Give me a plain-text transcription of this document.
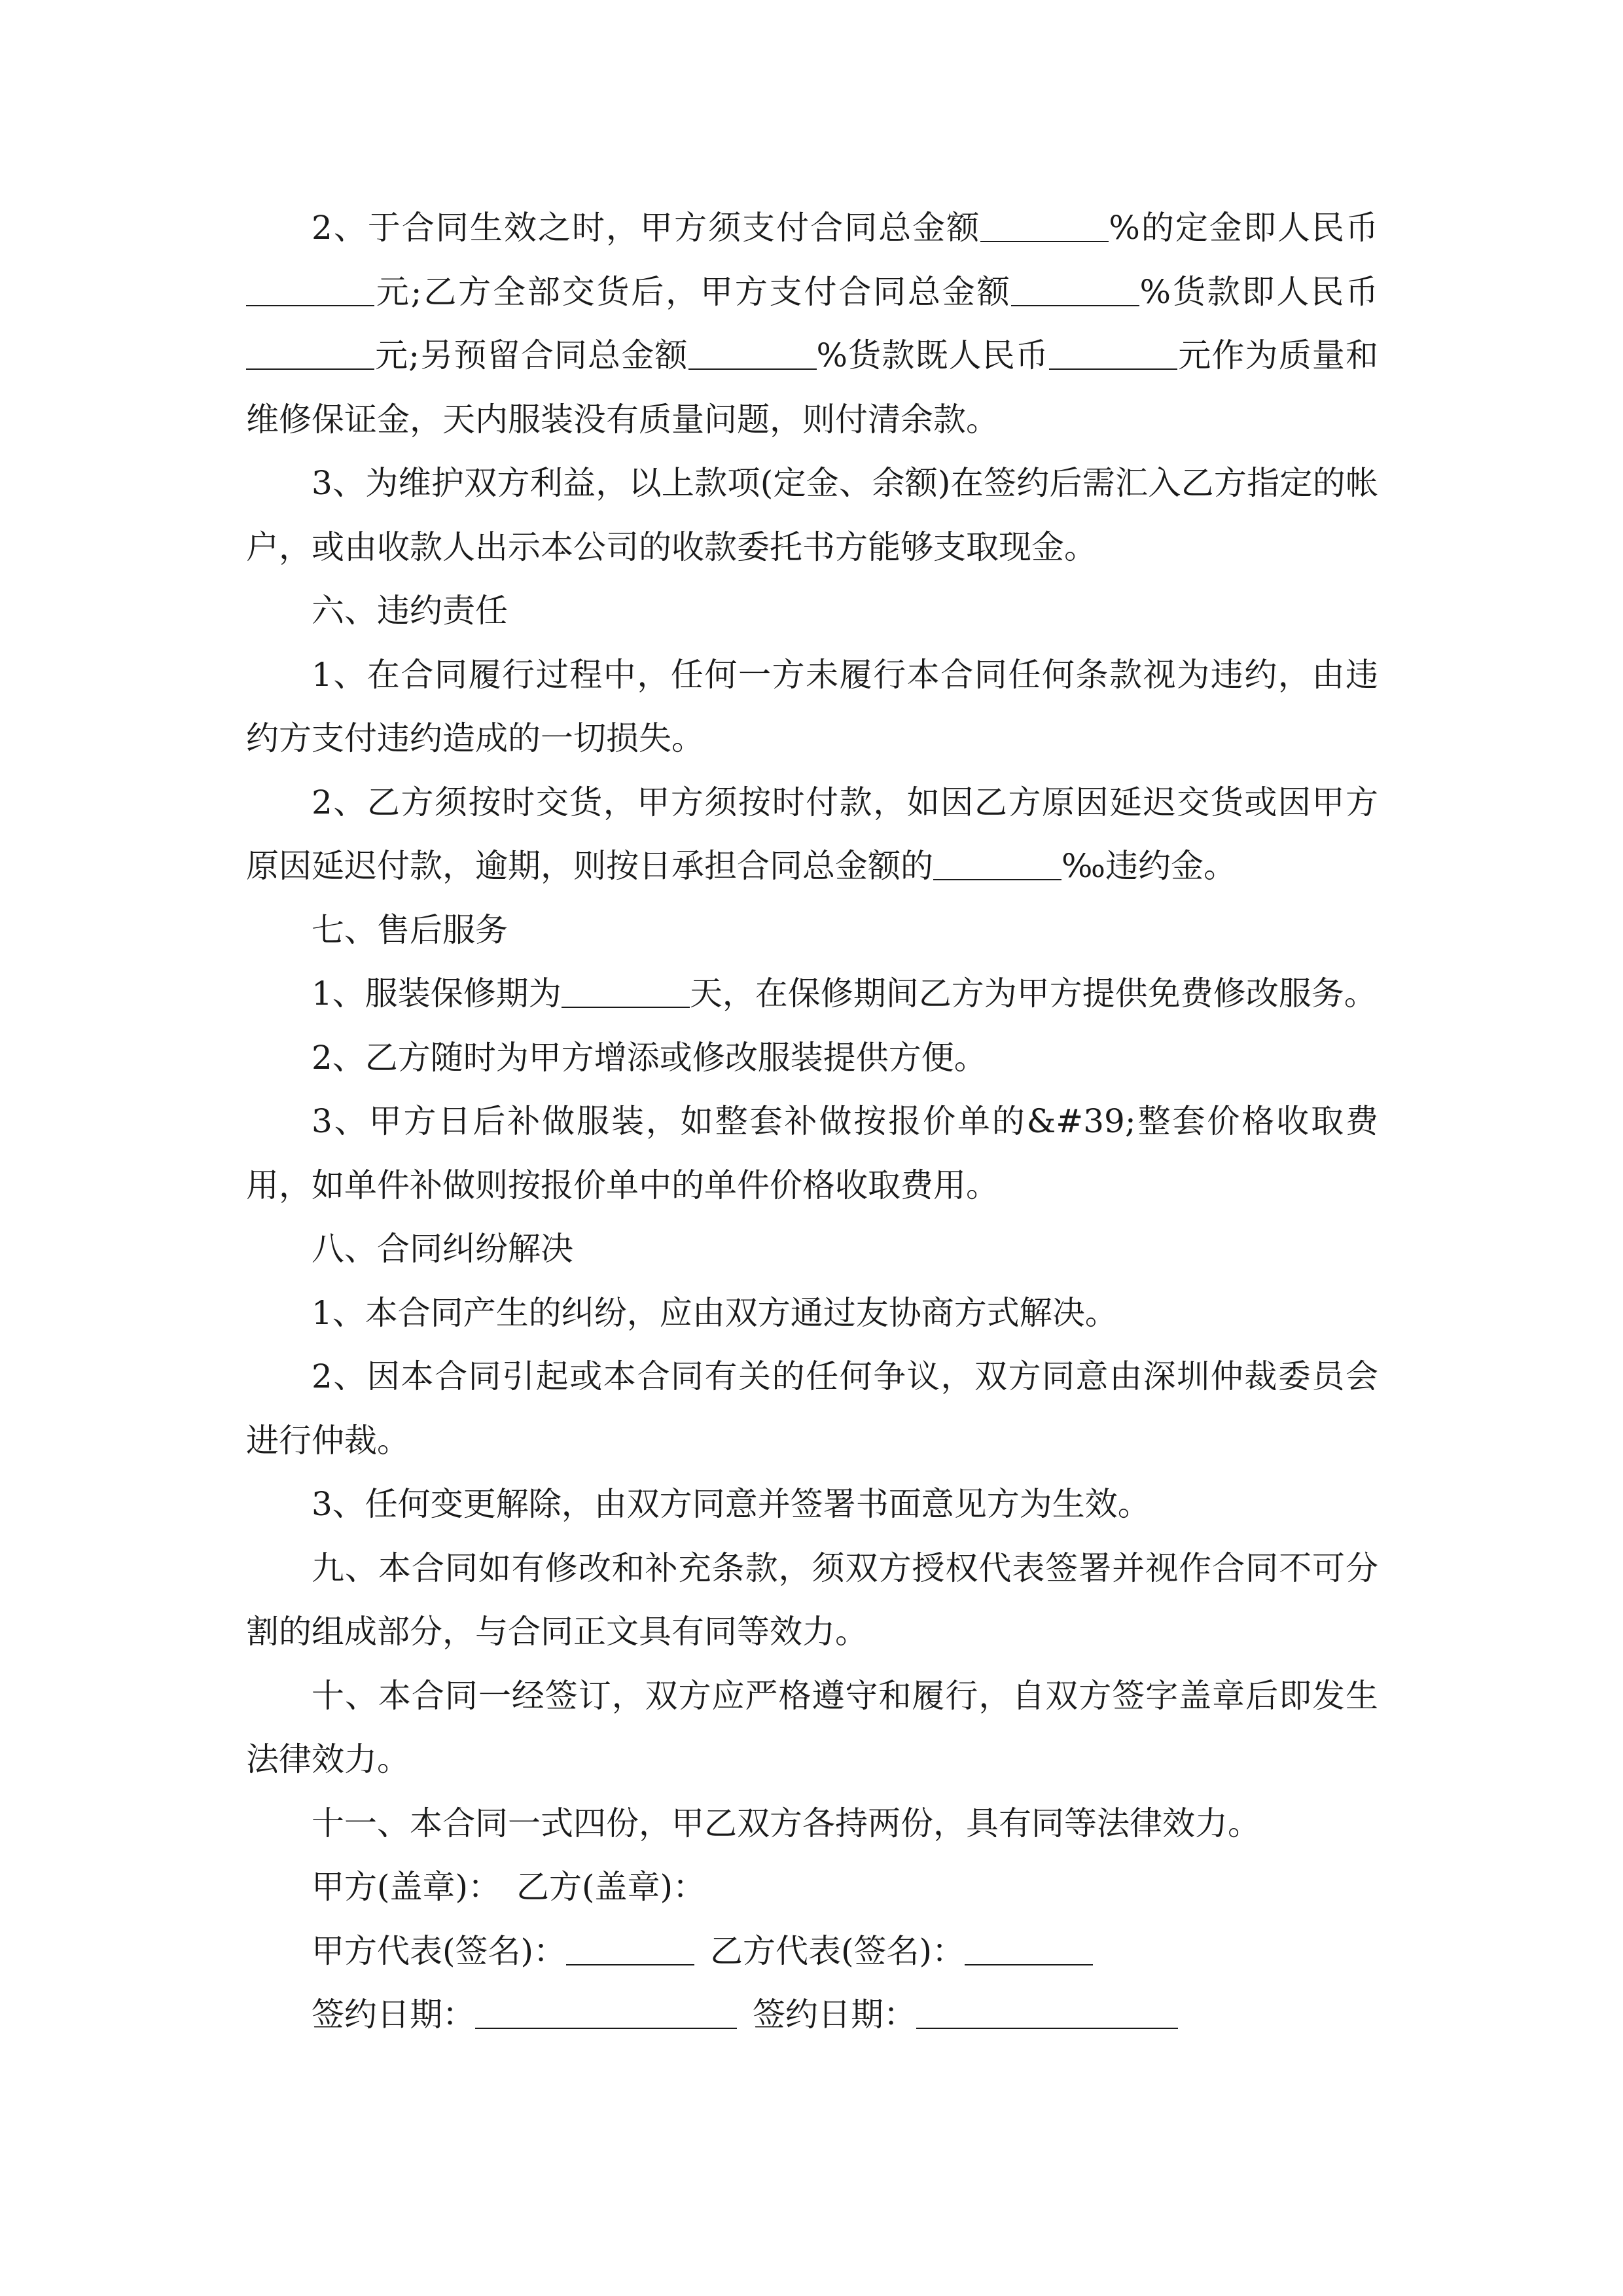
2、于合同生效之时，甲方须支付合同总金额	%的定金即人民币元;乙方全部交货后，甲方支付合同总金额	%货款即人民币元;另预留合同总金额	%货款既人民币	元作为质量和维修保证金，天内服装没有质量问题，则付清余款。

3、为维护双方利益，以上款项(定金、余额)在签约后需汇入乙方指定的帐户，或由收款人出示本公司的收款委托书方能够支取现金。

六、违约责任

1、在合同履行过程中，任何一方未履行本合同任何条款视为违约，由违约方支付违约造成的一切损失。

2、乙方须按时交货，甲方须按时付款，如因乙方原因延迟交货或因甲方原因延迟付款，逾期，则按日承担合同总金额的	‰违约金。

七、售后服务

1、服装保修期为	天，在保修期间乙方为甲方提供免费修改服务。

2、乙方随时为甲方增添或修改服装提供方便。

3、甲方日后补做服装，如整套补做按报价单的&#39;整套价格收取费用，如单件补做则按报价单中的单件价格收取费用。

八、合同纠纷解决

1、本合同产生的纠纷，应由双方通过友协商方式解决。

2、因本合同引起或本合同有关的任何争议，双方同意由深圳仲裁委员会进行仲裁。

3、任何变更解除，由双方同意并签署书面意见方为生效。

九、本合同如有修改和补充条款，须双方授权代表签署并视作合同不可分割的组成部分，与合同正文具有同等效力。

十、本合同一经签订，双方应严格遵守和履行，自双方签字盖章后即发生法律效力。

十一、本合同一式四份，甲乙双方各持两份，具有同等法律效力。

甲方(盖章)： 乙方(盖章)：

甲方代表(签名)：	乙方代表(签名)：

签约日期：	签约日期：
